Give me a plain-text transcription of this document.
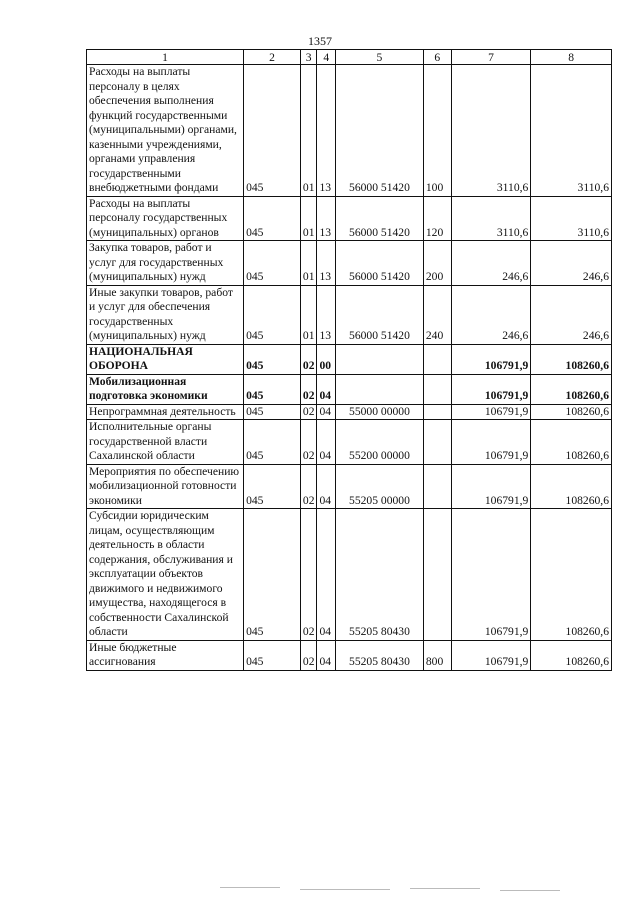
1357
1	2	3	4	5	6	7	8

Расходы на выплаты персоналу в целях обеспечения выполнения функций государственными (муниципальными) органами, казенными учреждениями, органами управления государственными внебюджетными фондами	045	01	13	56000 51420	100	3110,6	3110,6

Расходы на выплаты персоналу государственных (муниципальных) органов	045	01	13	56000 51420	120	3110,6	3110,6

Закупка товаров, работ и услуг для государственных (муниципальных) нужд	045	01	13	56000 51420	200	246,6	246,6

Иные закупки товаров, работ и услуг для обеспечения государственных (муниципальных) нужд	045	01	13	56000 51420	240	246,6	246,6

НАЦИОНАЛЬНАЯ ОБОРОНА	045	02	00			106791,9	108260,6

Мобилизационная подготовка экономики	045	02	04			106791,9	108260,6

Непрограммная деятельность	045	02	04	55000 00000		106791,9	108260,6

Исполнительные органы государственной власти Сахалинской области	045	02	04	55200 00000		106791,9	108260,6

Мероприятия по обеспечению мобилизационной готовности экономики	045	02	04	55205 00000		106791,9	108260,6

Субсидии юридическим лицам, осуществляющим деятельность в области содержания, обслуживания и эксплуатации объектов движимого и недвижимого имущества, находящегося в собственности Сахалинской области	045	02	04	55205 80430		106791,9	108260,6

Иные бюджетные ассигнования	045	02	04	55205 80430	800	106791,9	108260,6
